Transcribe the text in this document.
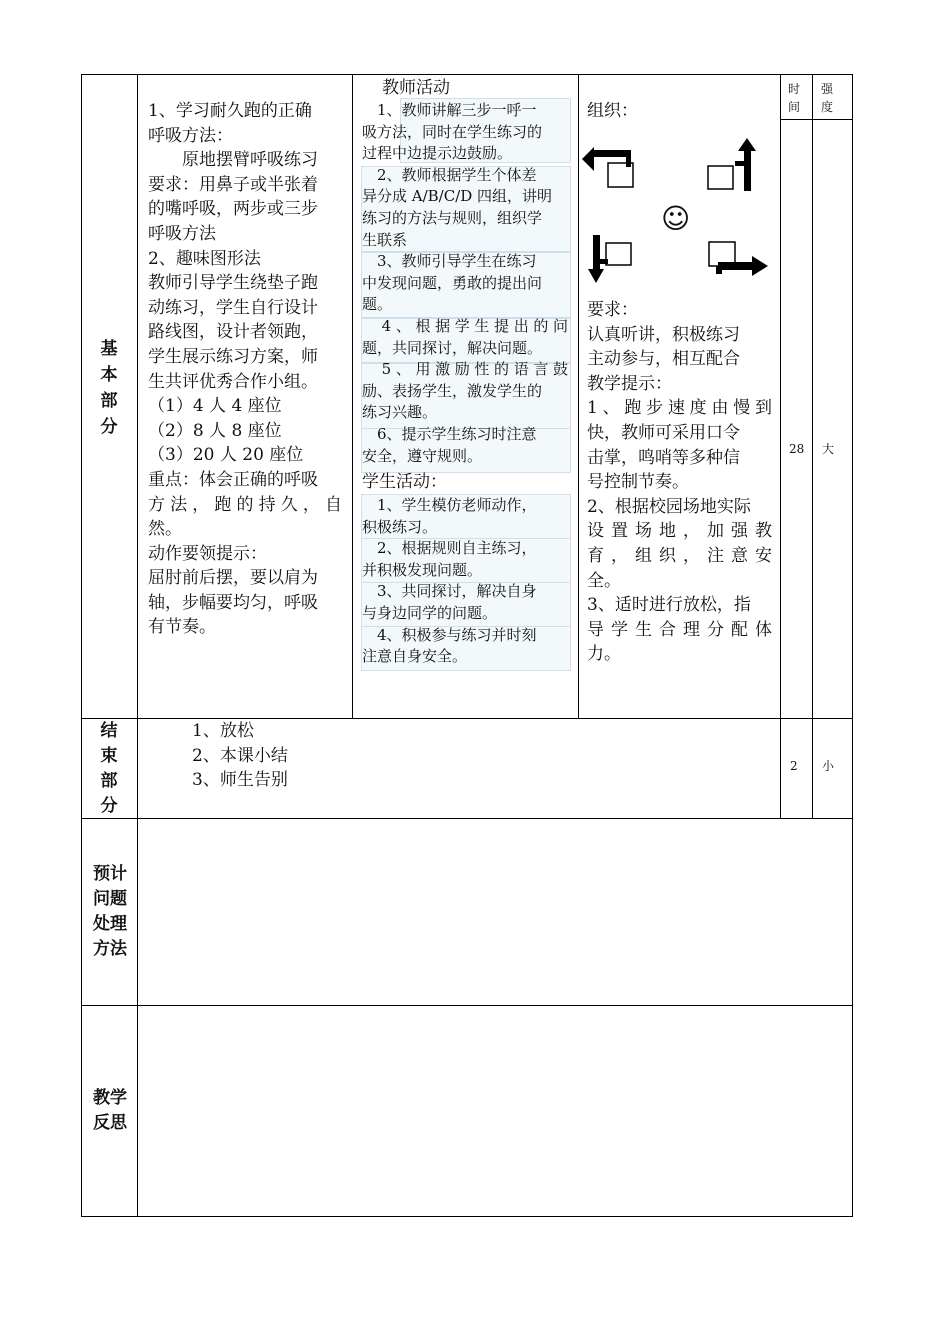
时间
强度
基
本
部
分
1、学习耐久跑的正确
呼吸方法：
　　原地摆臂呼吸练习
要求：用鼻子或半张着
的嘴呼吸，两步或三步
呼吸方法
2、趣味图形法
教师引导学生绕垫子跑
动练习，学生自行设计
路线图，设计者领跑，
学生展示练习方案，师
生共评优秀合作小组。
（1）4 人 4 座位
（2）8 人 8 座位
（3）20 人 20 座位
重点：体会正确的呼吸
方法，跑的持久，自
然。
动作要领提示：
屈肘前后摆，要以肩为
轴，步幅要均匀，呼吸
有节奏。
教师活动
　1、教师讲解三步一呼一
吸方法，同时在学生练习的
过程中边提示边鼓励。
　2、教师根据学生个体差
异分成 A/B/C/D 四组，讲明
练习的方法与规则，组织学
生联系
　3、教师引导学生在练习
中发现问题，勇敢的提出问
题。
　4、根据学生提出的问
题，共同探讨，解决问题。
　5、用激励性的语言鼓
励、表扬学生，激发学生的
练习兴趣。
　6、提示学生练习时注意
安全，遵守规则。
学生活动：
　1、学生模仿老师动作，
积极练习。
　2、根据规则自主练习，
并积极发现问题。
　3、共同探讨，解决自身
与身边同学的问题。
　4、积极参与练习并时刻
注意自身安全。
组织：
☺
要求：
认真听讲，积极练习
主动参与，相互配合
教学提示：
1、跑步速度由慢到
快，教师可采用口令
击掌，鸣哨等多种信
号控制节奏。
2、根据校园场地实际
设置场地，加强教
育，组织，注意安
全。
3、适时进行放松，指
导学生合理分配体
力。
28 大
结
束
部
分
1、放松
2、本课小结
3、师生告别
2 小
预计
问题
处理
方法
教学
反思
